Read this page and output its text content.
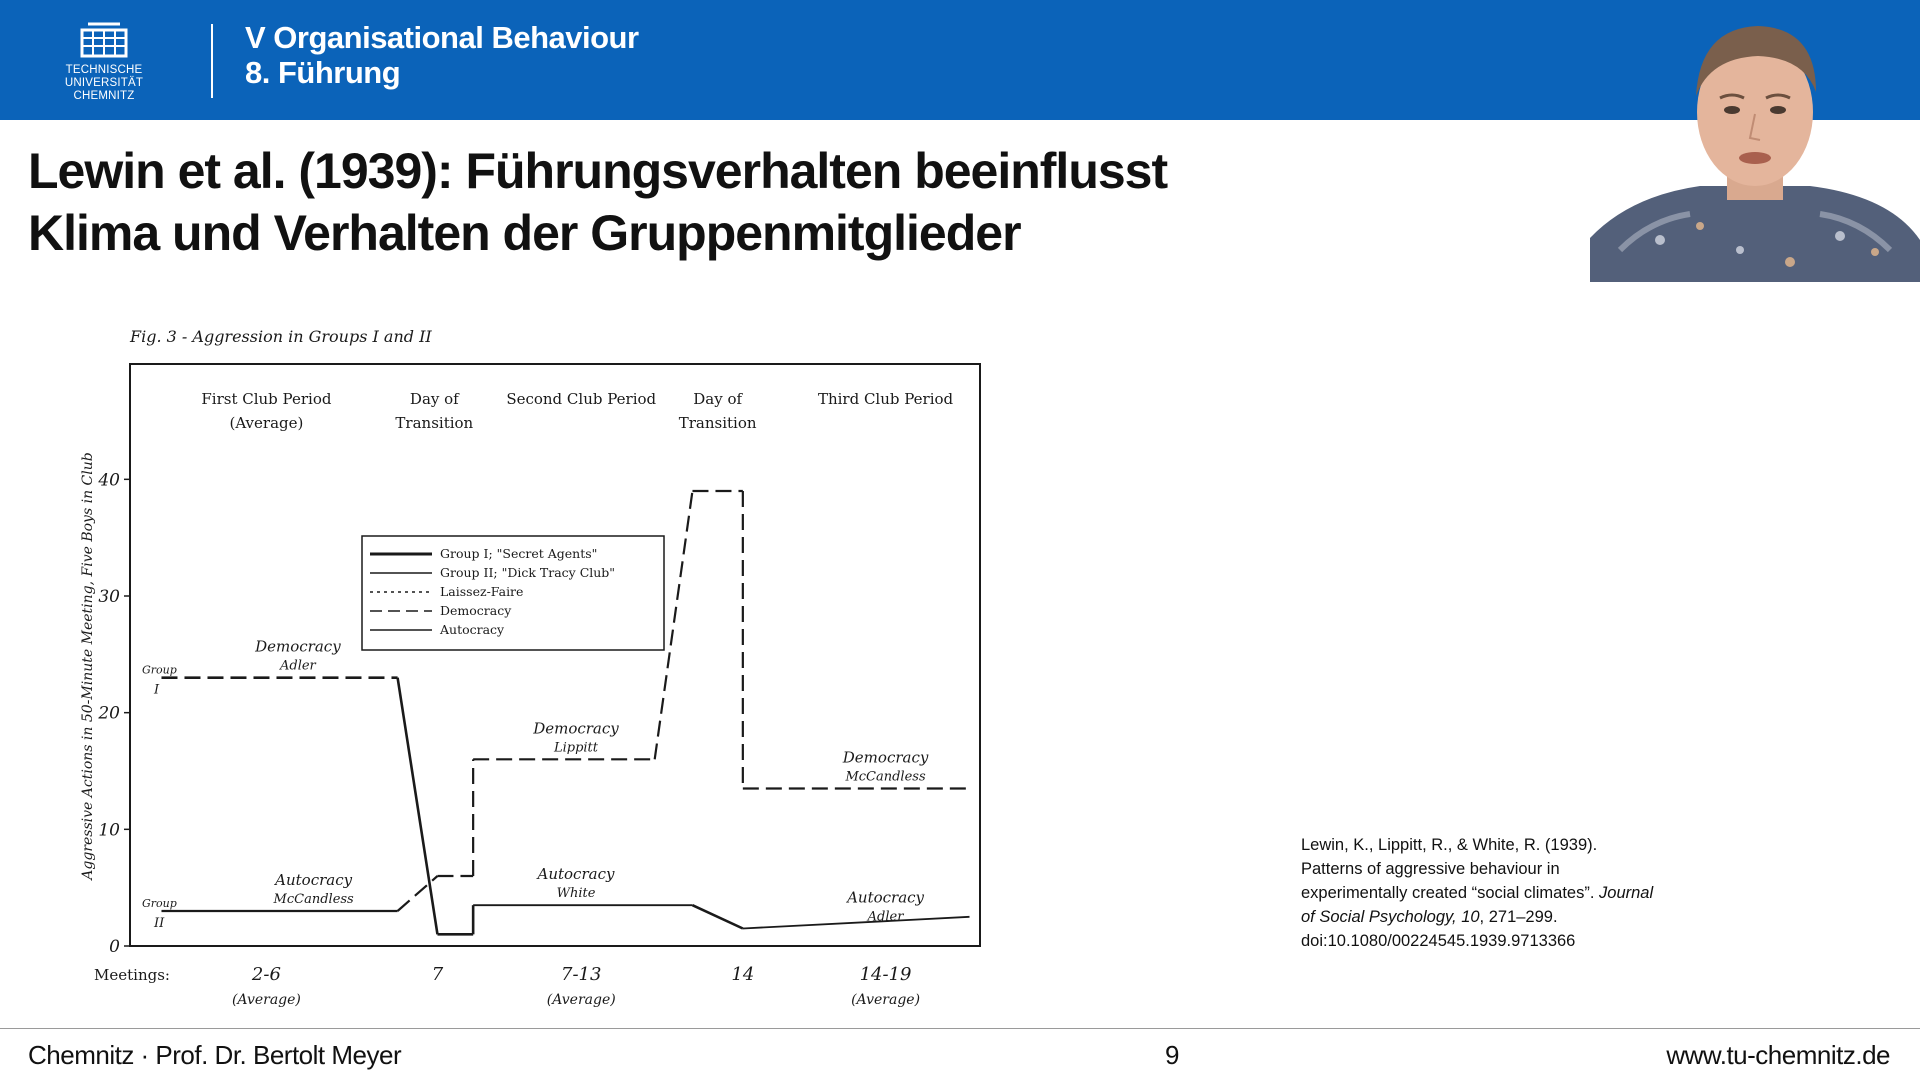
TECHNISCHE UNIVERSITÄT
CHEMNITZ
V Organisational Behaviour
8. Führung
Lewin et al. (1939): Führungsverhalten beeinflusst
Klima und Verhalten der Gruppenmitglieder
Fig. 3 - Aggression in Groups I and II
Aggressive Actions in 50-Minute Meeting, Five Boys in Club
0
10
20
30
40
First Club Period
(Average)
Day of
Transition
Second Club Period Day of
Transition
Third Club Period
Group I; "Secret Agents"
Group II; "Dick Tracy Club"
Laissez-Faire
Democracy
Autocracy
Group
I
Group
II
Democracy
Adler
Autocracy
McCandless
Democracy
Lippitt
Autocracy
White
Democracy
McCandless
Autocracy
Adler
Meetings:	2-6
(Average)
7	7-13
(Average)
14	14-19
(Average)
Lewin, K., Lippitt, R., & White, R. (1939). Patterns of aggressive behaviour in experimentally created “social climates”. Journal of Social Psychology, 10, 271–299. doi:10.1080/00224545.1939.9713366
Chemnitz · Prof. Dr. Bertolt Meyer	9	www.tu-chemnitz.de
